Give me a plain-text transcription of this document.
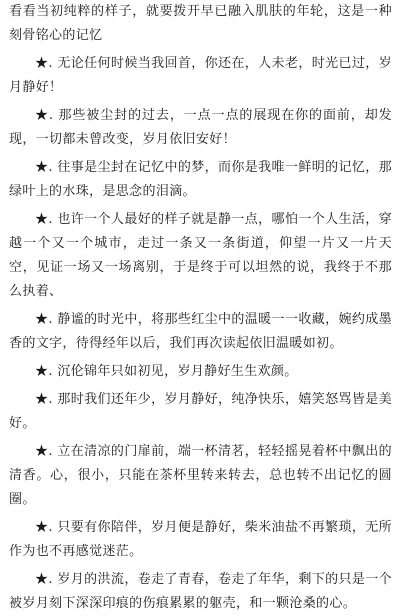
看看当初纯粹的样子，就要拨开早已融入肌肤的年轮，这是一种刻骨铭心的记忆

★. 无论任何时候当我回首，你还在，人未老，时光已过，岁月静好！

★. 那些被尘封的过去，一点一点的展现在你的面前，却发现，一切都未曾改变，岁月依旧安好！

★. 往事是尘封在记忆中的梦，而你是我唯一鲜明的记忆，那绿叶上的水珠，是思念的泪滴。

★. 也许一个人最好的样子就是静一点，哪怕一个人生活，穿越一个又一个城市，走过一条又一条街道，仰望一片又一片天空，见证一场又一场离别，于是终于可以坦然的说，我终于不那么执着、

★. 静谧的时光中，将那些红尘中的温暖一一收藏，婉约成墨香的文字，待得经年以后，我们再次读起依旧温暖如初。

★. 沉伦锦年只如初见，岁月静好生生欢颜。

★. 那时我们还年少，岁月静好，纯净快乐，嬉笑怒骂皆是美好。

★. 立在清凉的门扉前，端一杯清茗，轻轻摇晃着杯中飘出的清香。心，很小，只能在茶杯里转来转去，总也转不出记忆的圆圈。

★. 只要有你陪伴，岁月便是静好，柴米油盐不再繁琐，无所作为也不再感觉迷茫。

★. 岁月的洪流，卷走了青春，卷走了年华，剩下的只是一个被岁月刻下深深印痕的伤痕累累的躯壳，和一颗沧桑的心。
